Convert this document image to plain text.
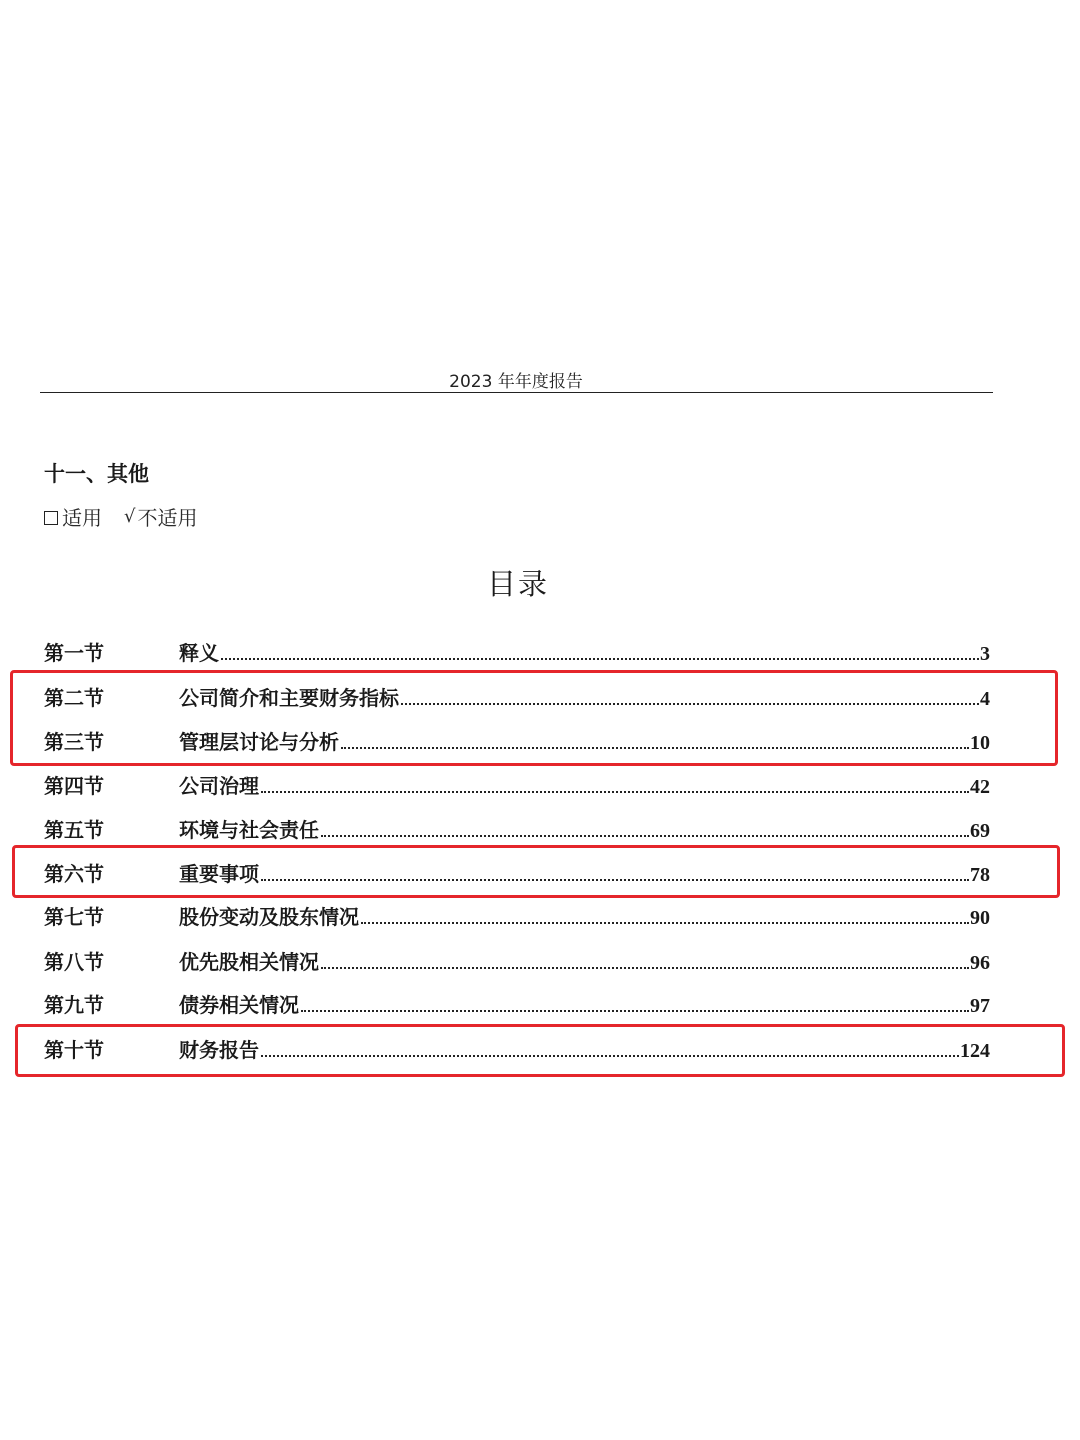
2023 年年度报告
十一、其他
适用 √ 不适用
目录
第一节	释义	3
第二节	公司简介和主要财务指标	4
第三节	管理层讨论与分析	10
第四节	公司治理	42
第五节	环境与社会责任	69
第六节	重要事项	78
第七节	股份变动及股东情况	90
第八节	优先股相关情况	96
第九节	债券相关情况	97
第十节	财务报告	124
